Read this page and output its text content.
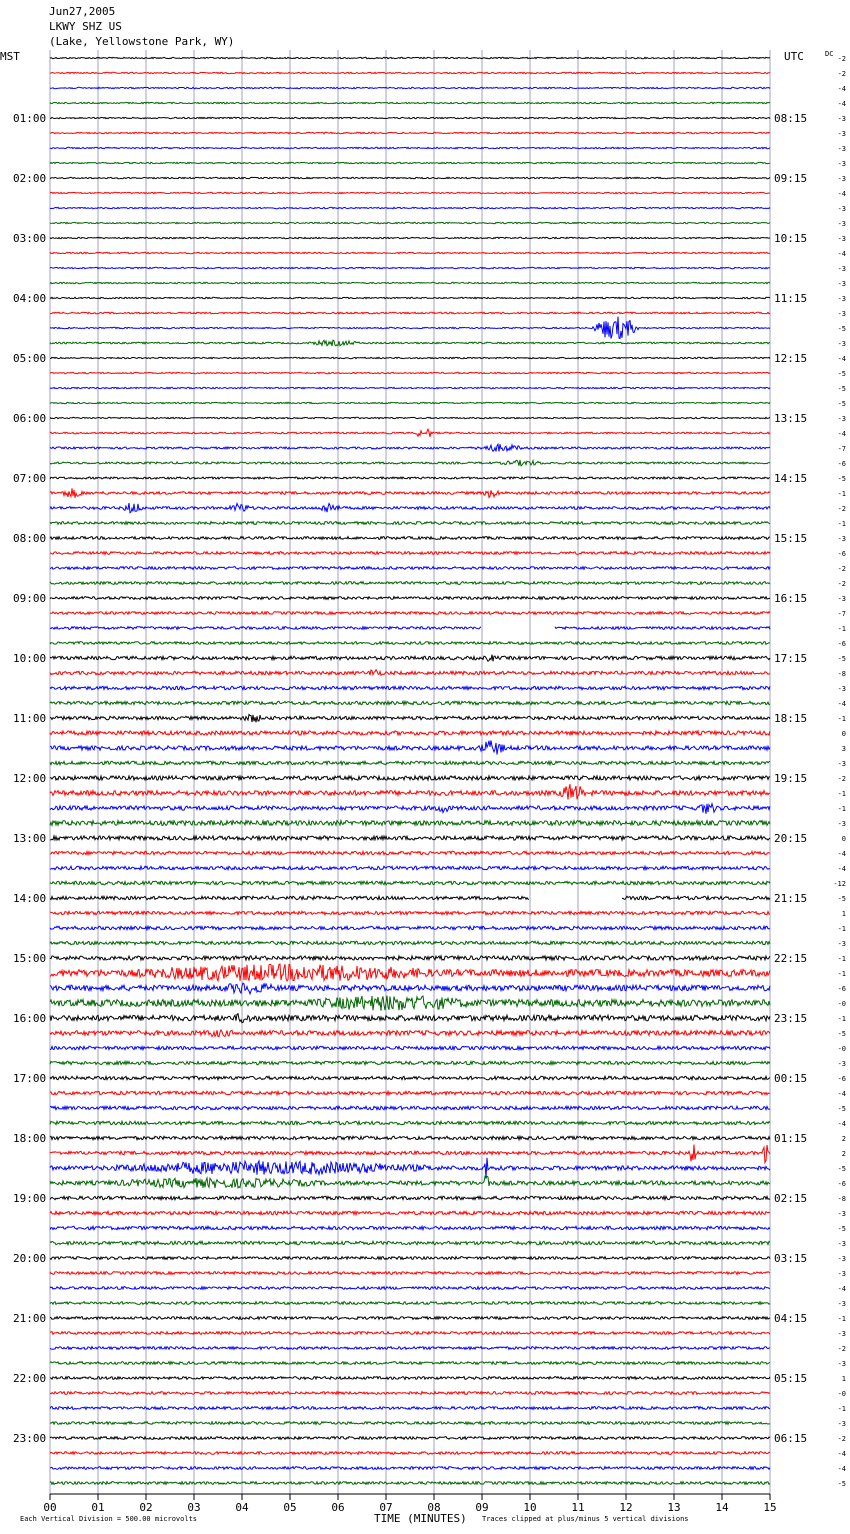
Jun27,2005
LKWY SHZ US
(Lake, Yellowstone Park, WY)
MST	UTC	DC
01:00	08:15
02:00	09:15
03:00	10:15
04:00	11:15
05:00	12:15
06:00	13:15
07:00	14:15
08:00	15:15
09:00	16:15
10:00	17:15
11:00	18:15
12:00	19:15
13:00	20:15
14:00	21:15
15:00	22:15
16:00	23:15
17:00	00:15
18:00	01:15
19:00	02:15
20:00	03:15
21:00	04:15
22:00	05:15
23:00	06:15
-2
-2
-4
-4
-3
-3
-3
-3
-3
-4
-3
-3
-3
-4
-3
-3
-3
-3
-5
-3
-4
-5
-5
-5
-3
-4
-7
-6
-5
-1
-2
-1
-3
-6
-2
-2
-3
-7
-1
-6
-5
-8
-3
-4
-1
0
3
-3
-2
-1
-1
-3
0
-4
-4
-12
-5
1
-1
-3
-1
-1
-6
-0
-1
-5
-0
-3
-6
-4
-5
-4
2
2
-5
-6
-8
-3
-5
-3
-3
-3
-4
-3
-1
-3
-2
-3
1
-0
-1
-3
-2
-4
-4
-5
00	01	02	03	04	05	06	07	08	09	10	11	12	13	14	15
Each Vertical Division = 500.00 microvolts	TIME (MINUTES) Traces clipped at plus/minus 5 vertical divisions
